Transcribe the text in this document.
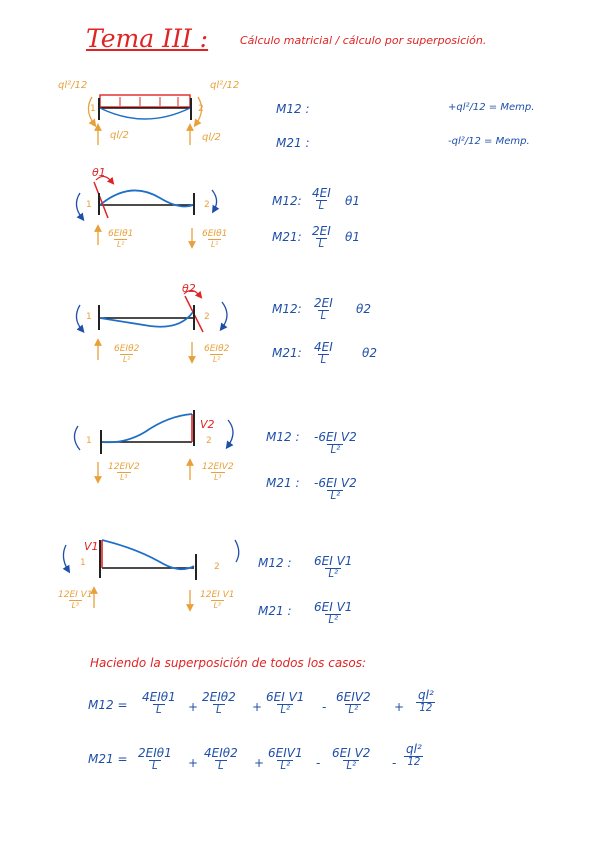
Tema III :	Cálculo matricial / cálculo por superposición.
ql²/12	ql²/12
1	2
ql/2	ql/2
M12 :
M21 :
+ql²/12 = Memp.
-ql²/12 = Memp.
θ1
1	2
6EIθ1
L²
6EIθ1
L²
M12: $\frac{4EI}{L} \theta 1$
M21: $\frac{2EI}{L} \theta 1$
θ2
1	2
6EIθ2
L²
6EIθ2
L²
M12: $\frac{2EI}{L} \theta 2$
M21: $\frac{4EI}{L} \theta 2$
V2
1	2
12EIV2
L³
12EIV2
L³
M12 : $\frac{\text{-6EI V2}}{\text{L²}}$
M21 : $\frac{\text{-6EI V2}}{\text{L²}}$
V1
1	2
$\frac{\text{12EI V1}}{\text{L³}}$	$\frac{\text{12EI V1}}{\text{L³}}$
M12 : $\frac{\text{6EI V1}}{\text{L²}}$
M21 : $\frac{\text{6EI V1}}{\text{L²}}$
Haciendo la superposición de todos los casos:
M12 =
4EIθ1
L +
2EIθ2
L	+ $\frac{\text{6EI V1}}{\text{L²}}$ -
6EIV2
L²	+ $\frac{\text{ql²}}{12}$
M21 = 2EIθ1
L	+
4EIθ2
L	+
6EIV1
$L^2 - \frac{\text{6EI V2}}{\text{L²}} - \frac{\text{ql²}}{12}$
